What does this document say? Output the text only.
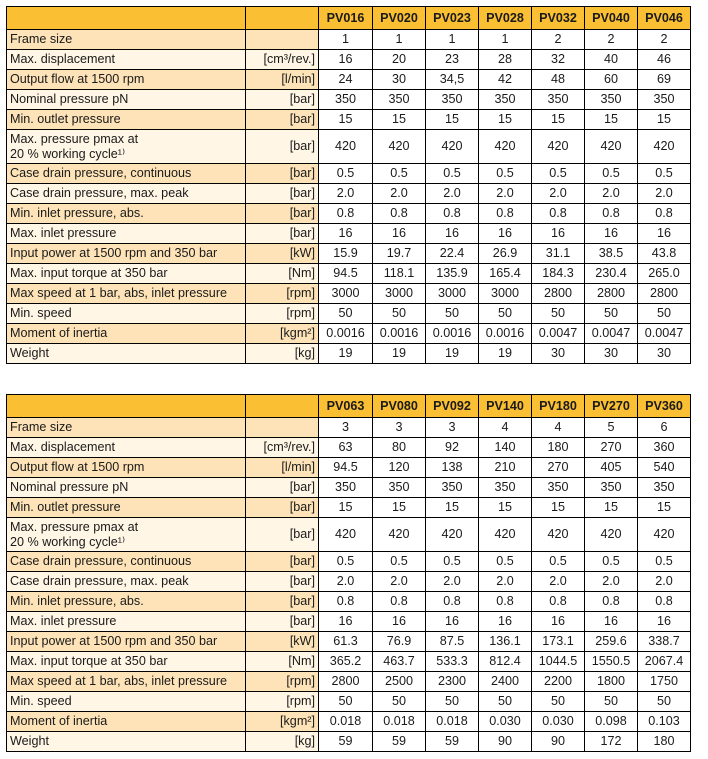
		PV016	PV020	PV023	PV028	PV032	PV040	PV046
Frame size		1	1	1	1	2	2	2
Max. displacement	[cm³/rev.]	16	20	23	28	32	40	46
Output flow at 1500 rpm	[l/min]	24	30	34,5	42	48	60	69
Nominal pressure pN	[bar]	350	350	350	350	350	350	350
Min. outlet pressure	[bar]	15	15	15	15	15	15	15

Max. pressure pmax at
20 % working cycle¹⁾	[bar]	420	420	420	420	420	420	420
Case drain pressure, continuous	[bar]	0.5	0.5	0.5	0.5	0.5	0.5	0.5
Case drain pressure, max. peak	[bar]	2.0	2.0	2.0	2.0	2.0	2.0	2.0
Min. inlet pressure, abs.	[bar]	0.8	0.8	0.8	0.8	0.8	0.8	0.8
Max. inlet pressure	[bar]	16	16	16	16	16	16	16
Input power at 1500 rpm and 350 bar	[kW]	15.9	19.7	22.4	26.9	31.1	38.5	43.8
Max. input torque at 350 bar	[Nm]	94.5	118.1	135.9	165.4	184.3	230.4	265.0
Max speed at 1 bar, abs, inlet pressure	[rpm]	3000	3000	3000	3000	2800	2800	2800
Min. speed	[rpm]	50	50	50	50	50	50	50
Moment of inertia	[kgm²]	0.0016	0.0016	0.0016	0.0016	0.0047	0.0047	0.0047
Weight	[kg]	19	19	19	19	30	30	30
		PV063	PV080	PV092	PV140	PV180	PV270	PV360
Frame size		3	3	3	4	4	5	6
Max. displacement	[cm³/rev.]	63	80	92	140	180	270	360
Output flow at 1500 rpm	[l/min]	94.5	120	138	210	270	405	540
Nominal pressure pN	[bar]	350	350	350	350	350	350	350
Min. outlet pressure	[bar]	15	15	15	15	15	15	15

Max. pressure pmax at
20 % working cycle¹⁾	[bar]	420	420	420	420	420	420	420
Case drain pressure, continuous	[bar]	0.5	0.5	0.5	0.5	0.5	0.5	0.5
Case drain pressure, max. peak	[bar]	2.0	2.0	2.0	2.0	2.0	2.0	2.0
Min. inlet pressure, abs.	[bar]	0.8	0.8	0.8	0.8	0.8	0.8	0.8
Max. inlet pressure	[bar]	16	16	16	16	16	16	16
Input power at 1500 rpm and 350 bar	[kW]	61.3	76.9	87.5	136.1	173.1	259.6	338.7
Max. input torque at 350 bar	[Nm]	365.2	463.7	533.3	812.4	1044.5	1550.5	2067.4
Max speed at 1 bar, abs, inlet pressure	[rpm]	2800	2500	2300	2400	2200	1800	1750
Min. speed	[rpm]	50	50	50	50	50	50	50
Moment of inertia	[kgm²]	0.018	0.018	0.018	0.030	0.030	0.098	0.103
Weight	[kg]	59	59	59	90	90	172	180
